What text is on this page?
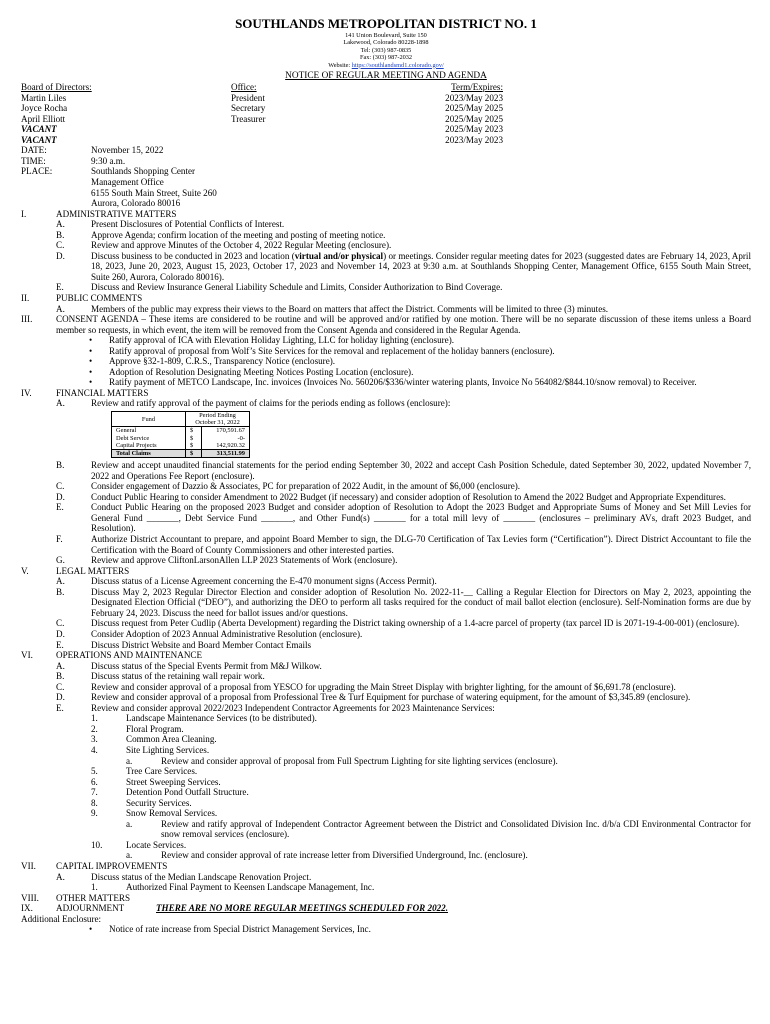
SOUTHLANDS METROPOLITAN DISTRICT NO. 1
141 Union Boulevard, Suite 150
Lakewood, Colorado 80228-1898
Tel: (303) 987-0835
Fax: (303) 987-2032
Website: https://southlandsmd1.colorado.gov/
NOTICE OF REGULAR MEETING AND AGENDA
Board of Directors:	Office:	Term/Expires:
Martin Liles	President	2023/May 2023
Joyce Rocha	Secretary	2025/May 2025
April Elliott	Treasurer	2025/May 2025
VACANT		2025/May 2023
VACANT		2023/May 2023
DATE:	November 15, 2022
TIME:	9:30 a.m.
PLACE:	Southlands Shopping Center
Management Office
6155 South Main Street, Suite 260
Aurora, Colorado 80016
I.	ADMINISTRATIVE MATTERS
A.	Present Disclosures of Potential Conflicts of Interest.
B.	Approve Agenda; confirm location of the meeting and posting of meeting notice.
C.	Review and approve Minutes of the October 4, 2022 Regular Meeting (enclosure).
D.	Discuss business to be conducted in 2023 and location (virtual and/or physical) or meetings. Consider regular meeting dates for 2023 (suggested dates are February 14, 2023, April 18, 2023, June 20, 2023, August 15, 2023, October 17, 2023 and November 14, 2023 at 9:30 a.m. at Southlands Shopping Center, Management Office, 6155 South Main Street, Suite 260, Aurora, Colorado 80016).
E.	Discuss and Review Insurance General Liability Schedule and Limits, Consider Authorization to Bind Coverage.
II.	PUBLIC COMMENTS
A.	Members of the public may express their views to the Board on matters that affect the District. Comments will be limited to three (3) minutes.
III.	CONSENT AGENDA – These items are considered to be routine and will be approved and/or ratified by one motion. There will be no separate discussion of these items unless a Board member so requests, in which event, the item will be removed from the Consent Agenda and considered in the Regular Agenda.
•	Ratify approval of ICA with Elevation Holiday Lighting, LLC for holiday lighting (enclosure).
•	Ratify approval of proposal from Wolf’s Site Services for the removal and replacement of the holiday banners (enclosure).
•	Approve §32-1-809, C.R.S., Transparency Notice (enclosure).
•	Adoption of Resolution Designating Meeting Notices Posting Location (enclosure).
•	Ratify payment of METCO Landscape, Inc. invoices (Invoices No. 560206/$336/winter watering plants, Invoice No 564082/$844.10/snow removal) to Receiver.
IV.	FINANCIAL MATTERS
A.	Review and ratify approval of the payment of claims for the periods ending as follows (enclosure):
Fund	Period Ending October 31, 2022	
General	$	170,591.67
Debt Service	$	-0-
Capital Projects	$	142,920.32
Total Claims	$	313,511.99
B.	Review and accept unaudited financial statements for the period ending September 30, 2022 and accept Cash Position Schedule, dated September 30, 2022, updated November 7, 2022 and Operations Fee Report (enclosure).
C.	Consider engagement of Dazzio & Associates, PC for preparation of 2022 Audit, in the amount of $6,000 (enclosure).
D.	Conduct Public Hearing to consider Amendment to 2022 Budget (if necessary) and consider adoption of Resolution to Amend the 2022 Budget and Appropriate Expenditures.
E.	Conduct Public Hearing on the proposed 2023 Budget and consider adoption of Resolution to Adopt the 2023 Budget and Appropriate Sums of Money and Set Mill Levies for General Fund _______, Debt Service Fund _______, and Other Fund(s) _______ for a total mill levy of _______ (enclosures – preliminary AVs, draft 2023 Budget, and Resolution).
F.	Authorize District Accountant to prepare, and appoint Board Member to sign, the DLG-70 Certification of Tax Levies form (“Certification”). Direct District Accountant to file the Certification with the Board of County Commissioners and other interested parties.
G.	Review and approve CliftonLarsonAllen LLP 2023 Statements of Work (enclosure).
V.	LEGAL MATTERS
A.	Discuss status of a License Agreement concerning the E-470 monument signs (Access Permit).
B.	Discuss May 2, 2023 Regular Director Election and consider adoption of Resolution No. 2022-11-__ Calling a Regular Election for Directors on May 2, 2023, appointing the Designated Election Official (“DEO”), and authorizing the DEO to perform all tasks required for the conduct of mail ballot election (enclosure). Self-Nomination forms are due by February 24, 2023. Discuss the need for ballot issues and/or questions.
C.	Discuss request from Peter Cudlip (Aberta Development) regarding the District taking ownership of a 1.4-acre parcel of property (tax parcel ID is 2071-19-4-00-001) (enclosure).
D.	Consider Adoption of 2023 Annual Administrative Resolution (enclosure).
E.	Discuss District Website and Board Member Contact Emails
VI.	OPERATIONS AND MAINTENANCE
A.	Discuss status of the Special Events Permit from M&J Wilkow.
B.	Discuss status of the retaining wall repair work.
C.	Review and consider approval of a proposal from YESCO for upgrading the Main Street Display with brighter lighting, for the amount of $6,691.78 (enclosure).
D.	Review and consider approval of a proposal from Professional Tree & Turf Equipment for purchase of watering equipment, for the amount of $3,345.89 (enclosure).
E.	Review and consider approval 2022/2023 Independent Contractor Agreements for 2023 Maintenance Services:
1.	Landscape Maintenance Services (to be distributed).
2.	Floral Program.
3.	Common Area Cleaning.
4.	Site Lighting Services.
a.	Review and consider approval of proposal from Full Spectrum Lighting for site lighting services (enclosure).
5.	Tree Care Services.
6.	Street Sweeping Services.
7.	Detention Pond Outfall Structure.
8.	Security Services.
9.	Snow Removal Services.
a.	Review and ratify approval of Independent Contractor Agreement between the District and Consolidated Division Inc. d/b/a CDI Environmental Contractor for snow removal services (enclosure).
10.	Locate Services.
a.	Review and consider approval of rate increase letter from Diversified Underground, Inc. (enclosure).
VII.	CAPITAL IMPROVEMENTS
A.	Discuss status of the Median Landscape Renovation Project.
1.	Authorized Final Payment to Keensen Landscape Management, Inc.
VIII.	OTHER MATTERS
IX.	ADJOURNMENT	THERE ARE NO MORE REGULAR MEETINGS SCHEDULED FOR 2022.
Additional Enclosure:
•	Notice of rate increase from Special District Management Services, Inc.
